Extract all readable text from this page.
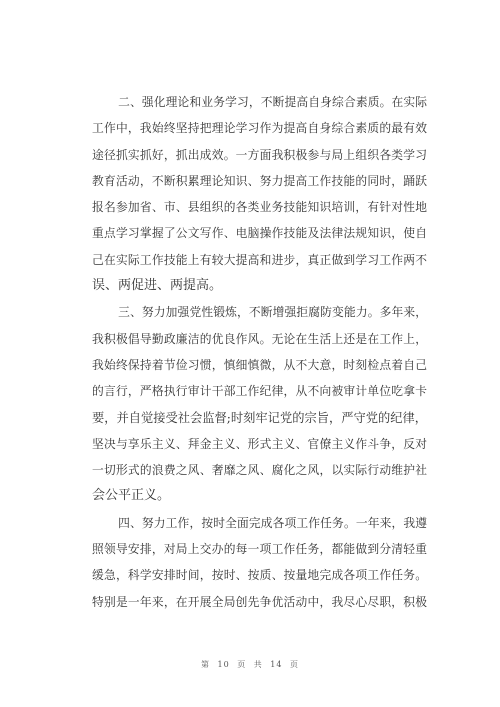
二、强化理论和业务学习，不断提高自身综合素质。在实际
工作中，我始终坚持把理论学习作为提高自身综合素质的最有效
途径抓实抓好，抓出成效。一方面我积极参与局上组织各类学习
教育活动，不断积累理论知识、努力提高工作技能的同时，踊跃
报名参加省、市、县组织的各类业务技能知识培训，有针对性地
重点学习掌握了公文写作、电脑操作技能及法律法规知识，使自
己在实际工作技能上有较大提高和进步，真正做到学习工作两不
误、两促进、两提高。
三、努力加强党性锻炼，不断增强拒腐防变能力。多年来，
我积极倡导勤政廉洁的优良作风。无论在生活上还是在工作上，
我始终保持着节俭习惯，慎细慎微，从不大意，时刻检点着自己
的言行，严格执行审计干部工作纪律，从不向被审计单位吃拿卡
要，并自觉接受社会监督;时刻牢记党的宗旨，严守党的纪律，
坚决与享乐主义、拜金主义、形式主义、官僚主义作斗争，反对
一切形式的浪费之风、奢靡之风、腐化之风，以实际行动维护社
会公平正义。
四、努力工作，按时全面完成各项工作任务。一年来，我遵
照领导安排，对局上交办的每一项工作任务，都能做到分清轻重
缓急，科学安排时间，按时、按质、按量地完成各项工作任务。
特别是一年来，在开展全局创先争优活动中，我尽心尽职，积极
第 10 页 共 14 页
